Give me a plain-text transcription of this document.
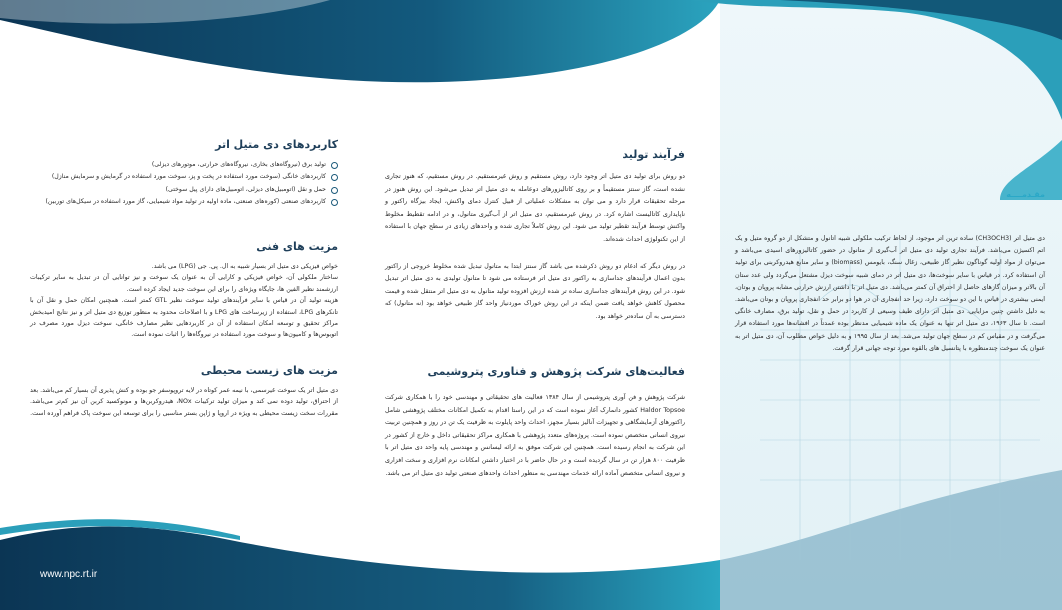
مقـدمــــه

دی متیل اتر (CH3OCH3) ساده ترین اتر موجود، از لحاظ ترکیب ملکولی شبیه اتانول و متشکل از دو گروه متیل و یک اتم اکسیژن می‌باشد. فرآیند تجاری تولید دی متیل اتر آب‌گیری از متانول در حضور کاتالیزورهای اسیدی می‌باشد و می‌توان از مواد اولیه گوناگون نظیر گاز طبیعی، زغال سنگ، بایومس (biomass) و سایر منابع هیدروکربنی برای تولید آن استفاده کرد. در قیاس با سایر سوخت‌ها، دی متیل اتر در دمای شبیه سوخت دیزل مشتعل می‌گردد ولی عدد ستان آن بالاتر و میزان گازهای حاصل از احتراق آن کمتر می‌باشد. دی متیل اتر با داشتن ارزش حرارتی مشابه پروپان و بوتان، ایمنی بیشتری در قیاس با این دو سوخت دارد، زیرا حد انفجاری آن در هوا دو برابر حد انفجاری پروپان و بوتان می‌باشد. به دلیل داشتن چنین مزایایی، دی متیل اتر دارای طیف وسیعی از کاربرد در حمل و نقل، تولید برق، مصارف خانگی است. تا سال ۱۹۶۳، دی متیل اتر تنها به عنوان یک ماده شیمیایی مدنظر بوده عمدتاً در افشانه‌ها مورد استفاده قرار می‌گرفت و در مقیاس کم در سطح جهان تولید می‌شد. بعد از سال ۱۹۹۵ و به دلیل خواص مطلوب آن، دی متیل اتر به عنوان یک سوخت چندمنظوره با پتانسیل های بالقوه مورد توجه جهانی قرار گرفت.

فرآیند تولید

دو روش برای تولید دی متیل اتر وجود دارد، روش مستقیم و روش غیرمستقیم. در روش مستقیم، که هنوز تجاری نشده است، گاز سنتز مستقیماً و بر روی کاتالیزورهای دوعامله به دی متیل اتر تبدیل می‌شود. این روش هنوز در مرحله تحقیقات قرار دارد و می توان به مشکلات عملیاتی از قبیل کنترل دمای واکنش، ایجاد بیزگاه راکتور و ناپایداری کاتالیست اشاره کرد. در روش غیرمستقیم، دی متیل اتر از آب‌گیری متانول، و در ادامه تقطیط مخلوط واکنش توسط فرآیند تقطیر تولید می شود. این روش کاملاً تجاری شده و واحدهای زیادی در سطح جهان با استفاده از این تکنولوژی احداث شده‌اند.

در روش دیگر که ادغام دو روش ذکرشده می باشد گاز سنتز ابتدا به متانول تبدیل شده مخلوط خروجی از راکتور بدون اعمال فرآیندهای جداسازی به راکتور دی متیل اتر فرستاده می شود تا متانول تولیدی به دی متیل اتر تبدیل شود. در این روش فرآیندهای جداسازی ساده تر شده ارزش افزوده تولید متانول به دی متیل اتر منتقل شده و قیمت محصول کاهش خواهد یافت ضمن اینکه در این روش خوراک موردنیاز واحد گاز طبیعی خواهد بود (نه متانول) که دسترسی به آن ساده‌تر خواهد بود.

فعالیت‌های شرکت پژوهش و فناوری پتروشیمی

شرکت پژوهش و فن آوری پتروشیمی از سال ۱۳۸۴ فعالیت های تحقیقاتی و مهندسی خود را با همکاری شرکت Haldor Topsoe کشور دانمارک آغاز نموده است که در این راستا اقدام به تکمیل امکانات مختلف پژوهشی شامل راکتورهای آزمایشگاهی و تجهیزات آنالیز بسیار مجهز، احداث واحد پایلوت به ظرفیت یک تن در روز و همچنین تربیت نیروی انسانی متخصص نموده است. پروژه‌های متعدد پژوهشی با همکاری مراکز تحقیقاتی داخل و خارج از کشور در این شرکت به انجام رسیده است. همچنین این شرکت موفق به ارائه لیسانس و مهندسی پایه واحد دی متیل اتر با ظرفیت ۸۰۰ هزار تن در سال گردیده است و در حال حاضر با در اختیار داشتن امکانات نرم افزاری و سخت افزاری و نیروی انسانی متخصص آماده ارائه خدمات مهندسی به منظور احداث واحدهای صنعتی تولید دی متیل اتر می باشد.

کاربردهای دی متیل اتر
تولید برق (نیروگاه‌های بخاری، نیروگاه‌های حرارتی، موتورهای دیزلی)
کاربردهای خانگی (سوخت مورد استفاده در پخت و پز، سوخت مورد استفاده در گرمایش و سرمایش منازل)
حمل و نقل (اتومبیل‌های دیزلی، اتومبیل‌های دارای پیل سوختی)
کاربردهای صنعتی (کوره‌های صنعتی، ماده اولیه در تولید مواد شیمیایی، گاز مورد استفاده در سیکل‌های توربین)
مزیت های فنی

خواص فیزیکی دی متیل اتر بسیار شبیه به ال. پی. جی (LPG) می باشد.

ساختار ملکولی آن، خواص فیزیکی و کارایی آن به عنوان یک سوخت و نیز توانایی آن در تبدیل به سایر ترکیبات ارزشمند نظیر الفین ها، جایگاه ویژه‌ای را برای این سوخت جدید ایجاد کرده است.

هزینه تولید آن در قیاس با سایر فرآیندهای تولید سوخت نظیر GTL کمتر است. همچنین امکان حمل و نقل آن با تانکرهای LPG، استفاده از زیرساخت های LPG و با اصلاحات محدود به منظور توزیع دی متیل اتر و نیز نتایج امیدبخش مراکز تحقیق و توسعه امکان استفاده از آن در کاربردهایی نظیر مصارف خانگی، سوخت دیزل مورد مصرف در اتوبوس‌ها و کامیون‌ها و سوخت مورد استفاده در نیروگاه‌ها را اثبات نموده است.

مزیت های زیست محیطی

دی متیل اتر یک سوخت غیرسمی، با نیمه عمر کوتاه در لایه تروپوسفر جو بوده و کنش پذیری آن بسیار کم می‌باشد. بعد از احتراق، تولید دوده نمی کند و میزان تولید ترکیبات NOx، هیدروکربن‌ها و مونوکسید کربن آن نیز کم‌تر می‌باشد. مقررات سخت زیست محیطی به ویژه در اروپا و ژاپن بستر مناسبی را برای توسعه این سوخت پاک فراهم آورده است.

www.npc.rt.ir
